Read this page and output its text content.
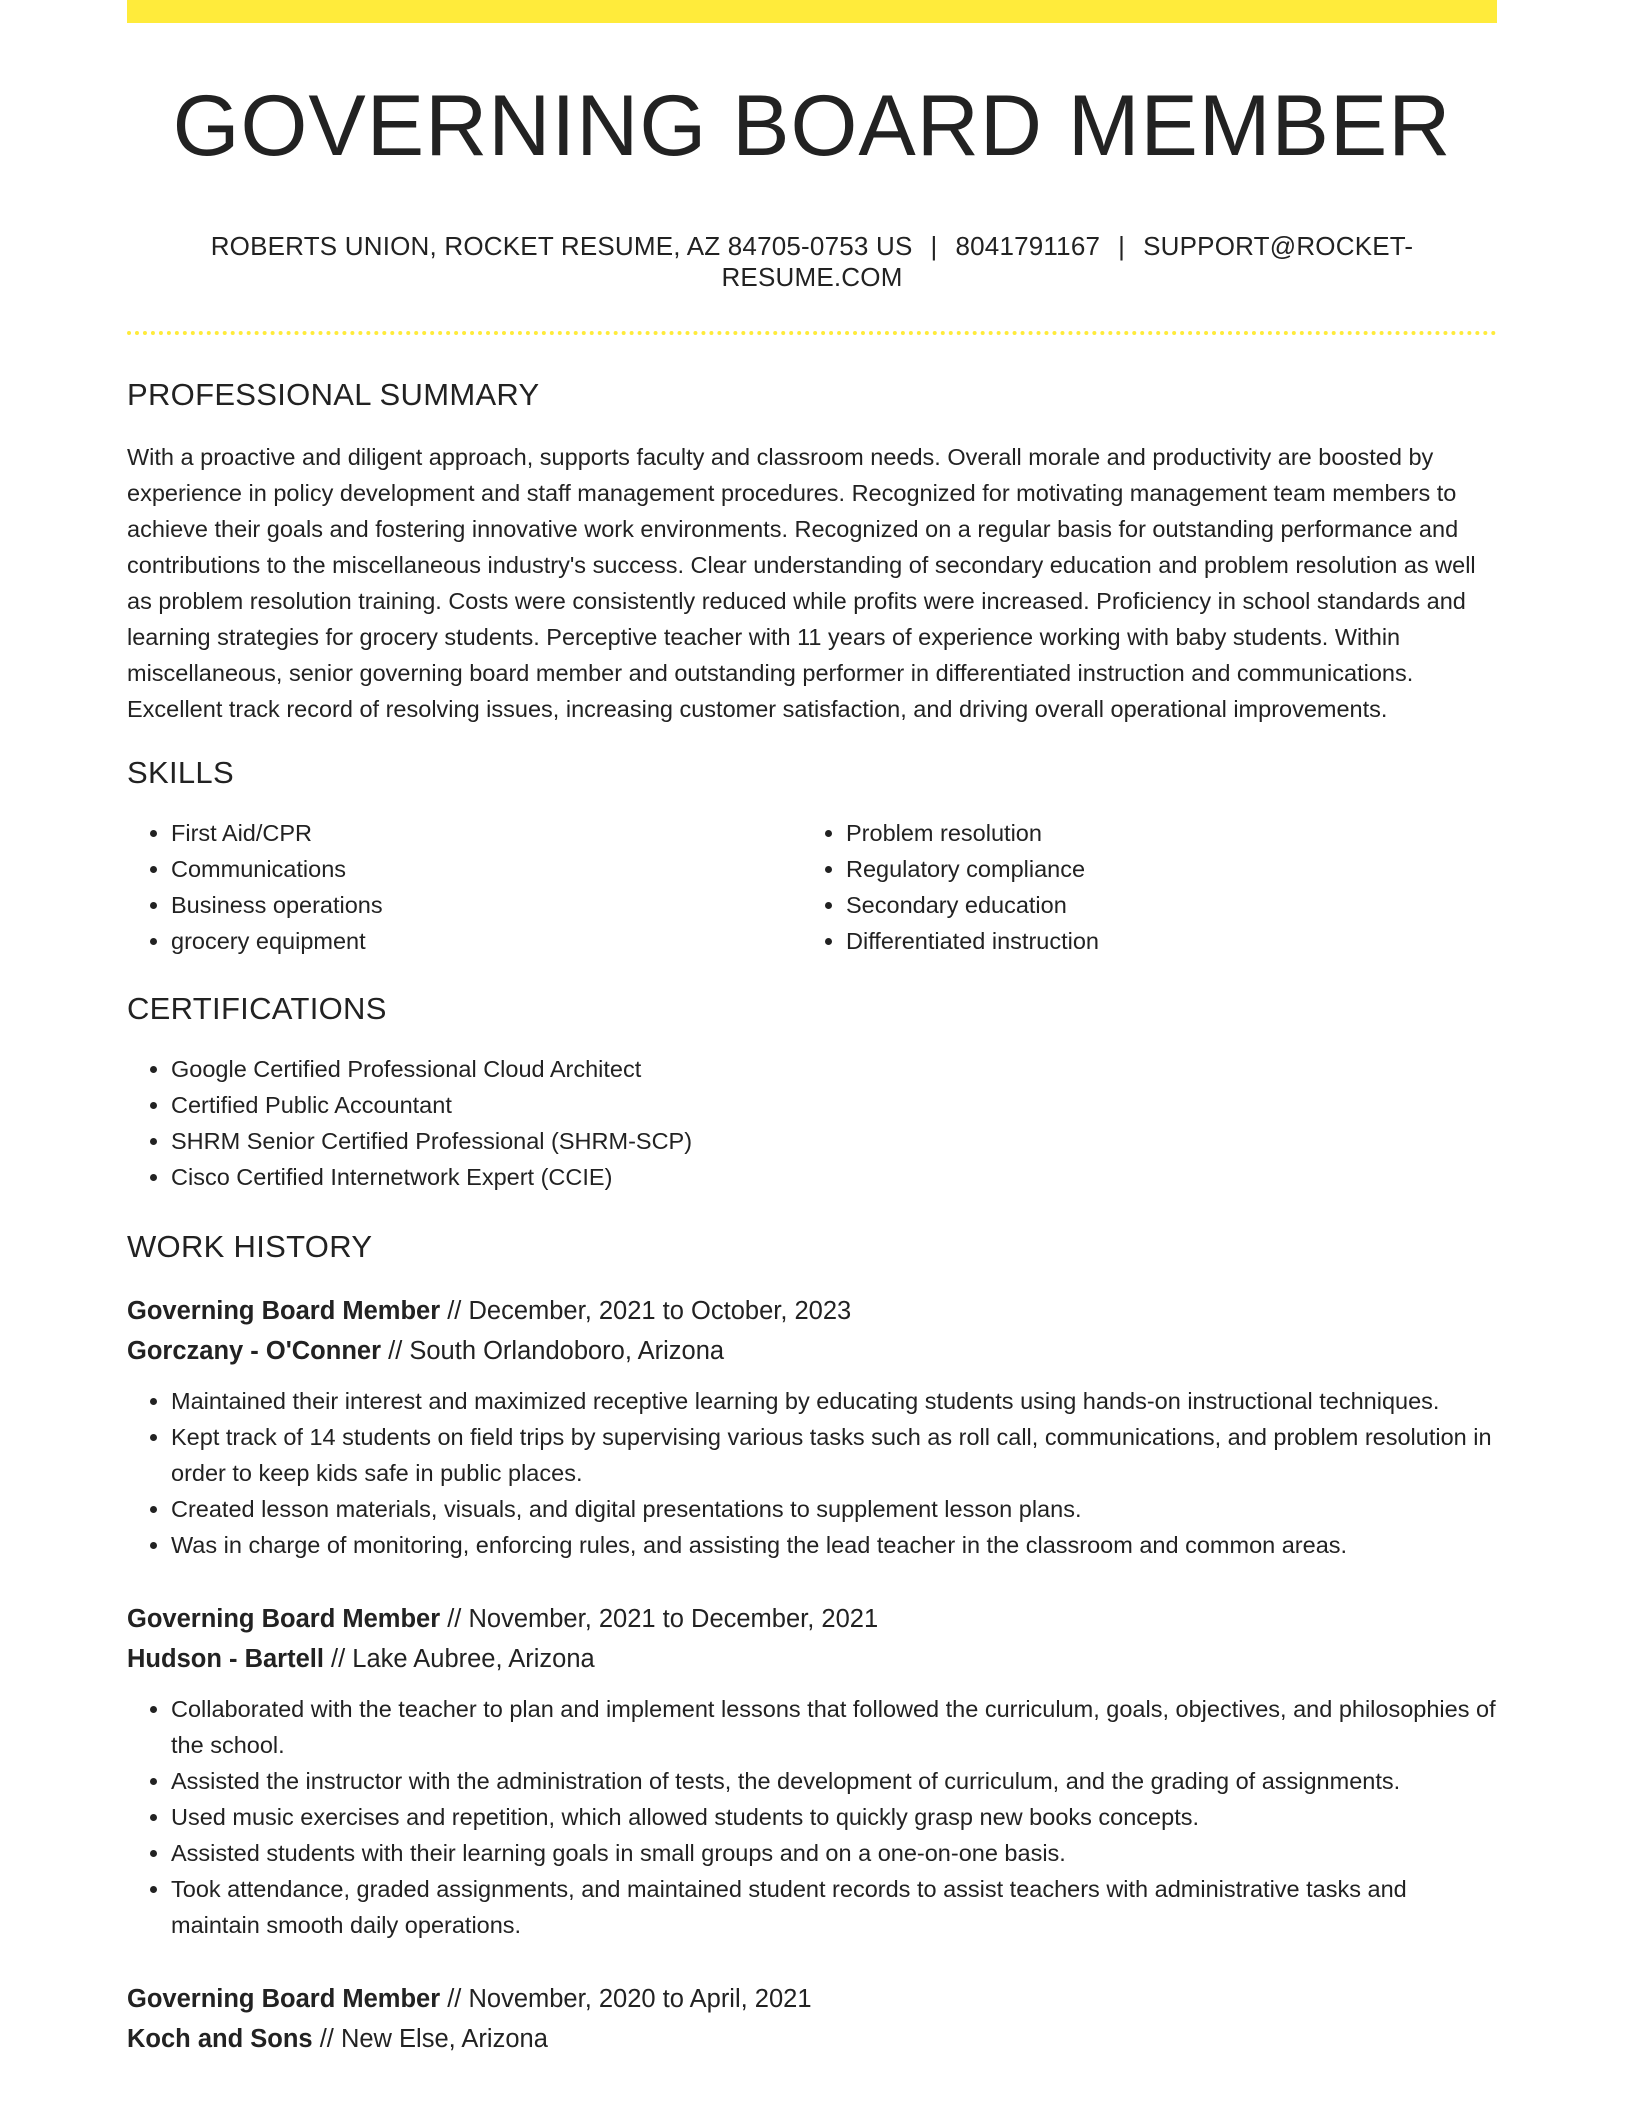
GOVERNING BOARD MEMBER
ROBERTS UNION, ROCKET RESUME, AZ 84705-0753 US | 8041791167 | SUPPORT@ROCKET-RESUME.COM
PROFESSIONAL SUMMARY
With a proactive and diligent approach, supports faculty and classroom needs. Overall morale and productivity are boosted by experience in policy development and staff management procedures. Recognized for motivating management team members to achieve their goals and fostering innovative work environments. Recognized on a regular basis for outstanding performance and contributions to the miscellaneous industry's success. Clear understanding of secondary education and problem resolution as well as problem resolution training. Costs were consistently reduced while profits were increased. Proficiency in school standards and learning strategies for grocery students. Perceptive teacher with 11 years of experience working with baby students. Within miscellaneous, senior governing board member and outstanding performer in differentiated instruction and communications. Excellent track record of resolving issues, increasing customer satisfaction, and driving overall operational improvements.
SKILLS
• First Aid/CPR
• Communications
• Business operations
• grocery equipment
• Problem resolution
• Regulatory compliance
• Secondary education
• Differentiated instruction
CERTIFICATIONS
• Google Certified Professional Cloud Architect
• Certified Public Accountant
• SHRM Senior Certified Professional (SHRM-SCP)
• Cisco Certified Internetwork Expert (CCIE)
WORK HISTORY
Governing Board Member // December, 2021 to October, 2023
Gorczany - O'Conner // South Orlandoboro, Arizona
• Maintained their interest and maximized receptive learning by educating students using hands-on instructional techniques.
• Kept track of 14 students on field trips by supervising various tasks such as roll call, communications, and problem resolution in order to keep kids safe in public places.
• Created lesson materials, visuals, and digital presentations to supplement lesson plans.
• Was in charge of monitoring, enforcing rules, and assisting the lead teacher in the classroom and common areas.
Governing Board Member // November, 2021 to December, 2021
Hudson - Bartell // Lake Aubree, Arizona
• Collaborated with the teacher to plan and implement lessons that followed the curriculum, goals, objectives, and philosophies of the school.
• Assisted the instructor with the administration of tests, the development of curriculum, and the grading of assignments.
• Used music exercises and repetition, which allowed students to quickly grasp new books concepts.
• Assisted students with their learning goals in small groups and on a one-on-one basis.
• Took attendance, graded assignments, and maintained student records to assist teachers with administrative tasks and maintain smooth daily operations.
Governing Board Member // November, 2020 to April, 2021
Koch and Sons // New Else, Arizona
